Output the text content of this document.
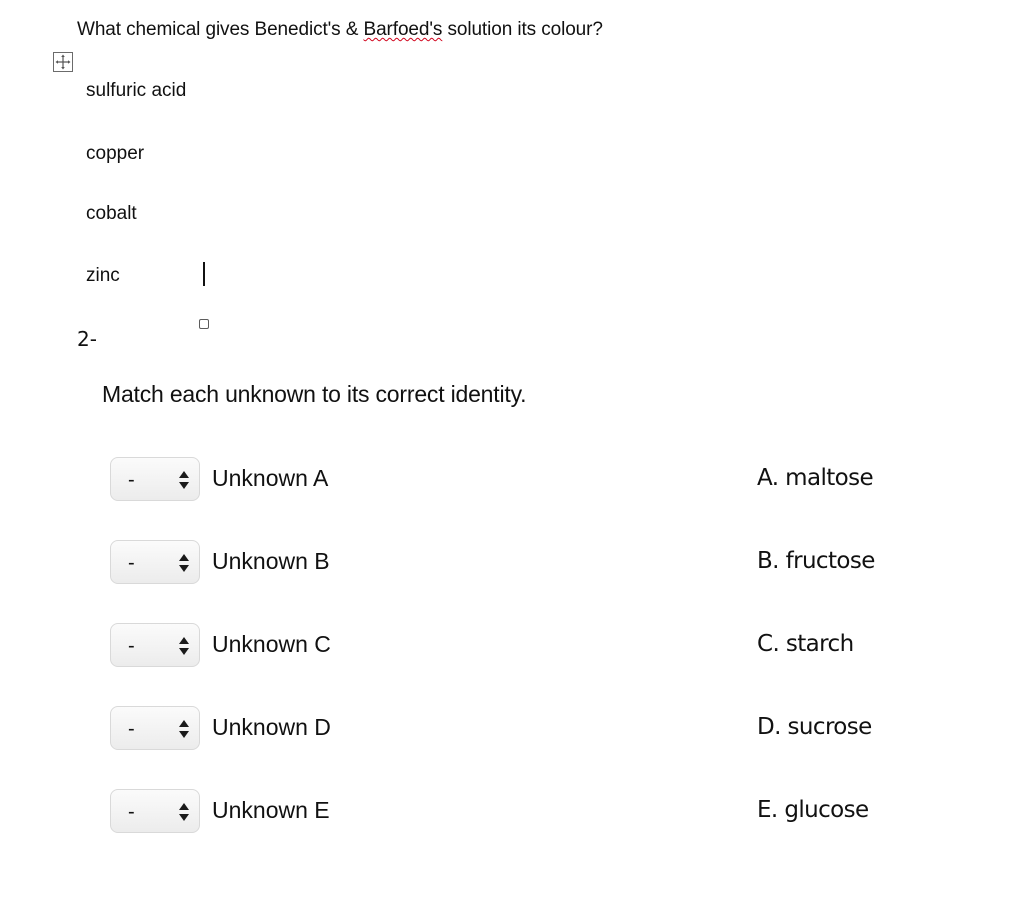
What chemical gives Benedict's & Barfoed's solution its colour?
sulfuric acid
copper
cobalt
zinc
2-
Match each unknown to its correct identity.
-	Unknown A	A. maltose
-	Unknown B	B. fructose
-	Unknown C	C. starch
-	Unknown D	D. sucrose
-	Unknown E	E. glucose
